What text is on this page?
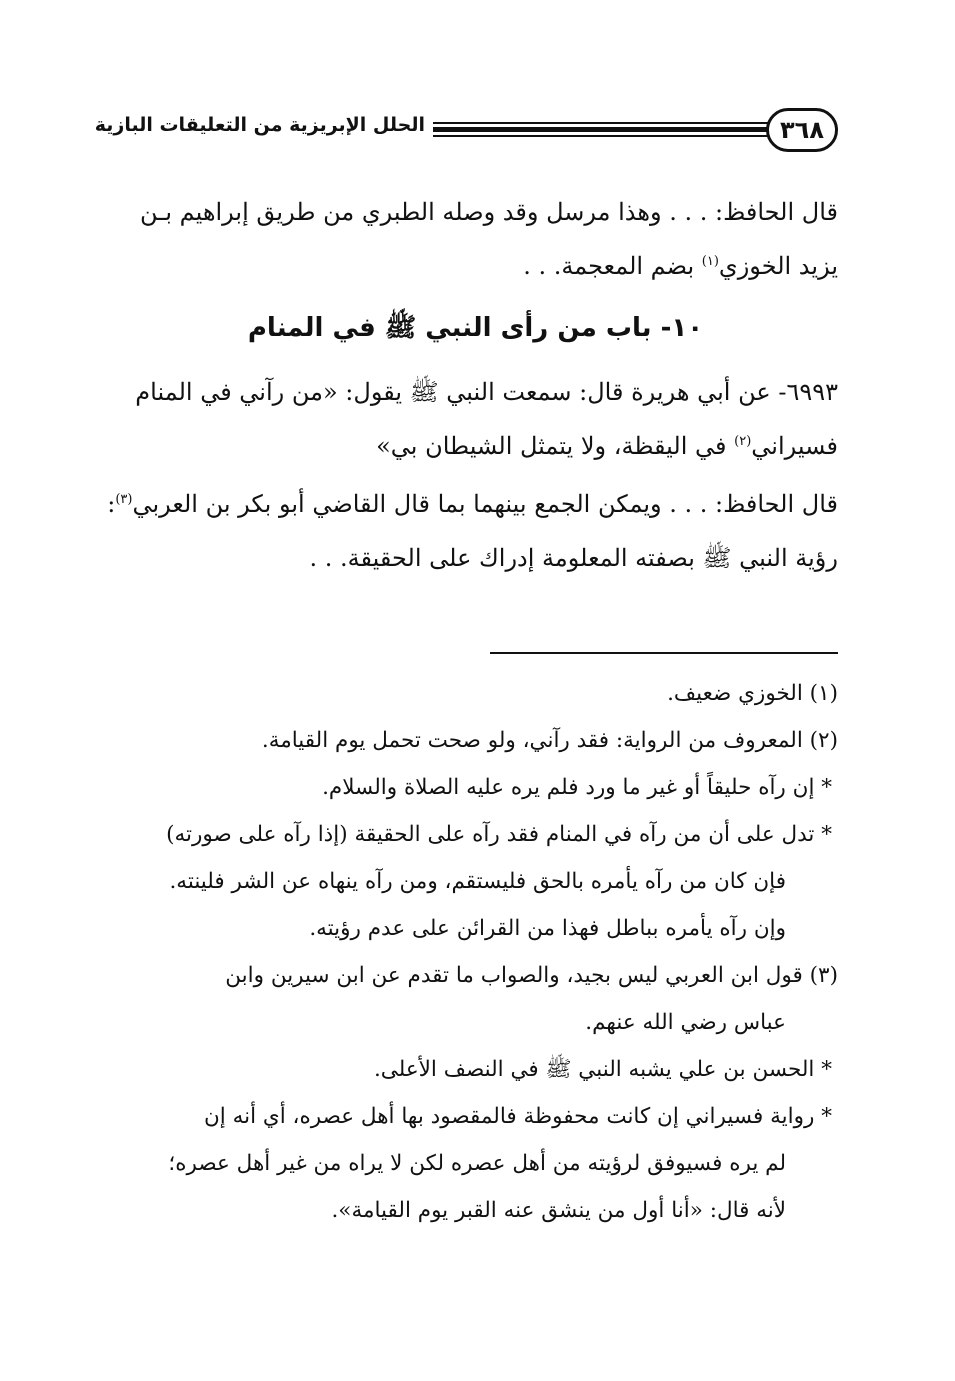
٣٦٨
الحلل الإبريزية من التعليقات البازية
قال الحافظ: . . . وهذا مرسل وقد وصله الطبري من طريق إبراهيم بـن
يزيد الخوزي$^{(١)}$ بضم المعجمة. . .
١٠- باب من رأى النبي ﷺ في المنام
٦٩٩٣- عن أبي هريرة قال: سمعت النبي ﷺ يقول: «من رآني في المنام
فسيراني$^{(٢)}$ في اليقظة، ولا يتمثل الشيطان بي»
قال الحافظ: . . . ويمكن الجمع بينهما بما قال القاضي أبو بكر بن العربي$^{(٣)}$:
رؤية النبي ﷺ بصفته المعلومة إدراك على الحقيقة. . .
(١) الخوزي ضعيف.
(٢) المعروف من الرواية: فقد رآني، ولو صحت تحمل يوم القيامة.
* إن رآه حليقاً أو غير ما ورد فلم يره عليه الصلاة والسلام.
* تدل على أن من رآه في المنام فقد رآه على الحقيقة (إذا رآه على صورته)
فإن كان من رآه يأمره بالحق فليستقم، ومن رآه ينهاه عن الشر فلينته.
وإن رآه يأمره بباطل فهذا من القرائن على عدم رؤيته.
(٣) قول ابن العربي ليس بجيد، والصواب ما تقدم عن ابن سيرين وابن
عباس رضي الله عنهم.
* الحسن بن علي يشبه النبي ﷺ في النصف الأعلى.
* رواية فسيراني إن كانت محفوظة فالمقصود بها أهل عصره، أي أنه إن
لم يره فسيوفق لرؤيته من أهل عصره لكن لا يراه من غير أهل عصره؛
لأنه قال: «أنا أول من ينشق عنه القبر يوم القيامة».
